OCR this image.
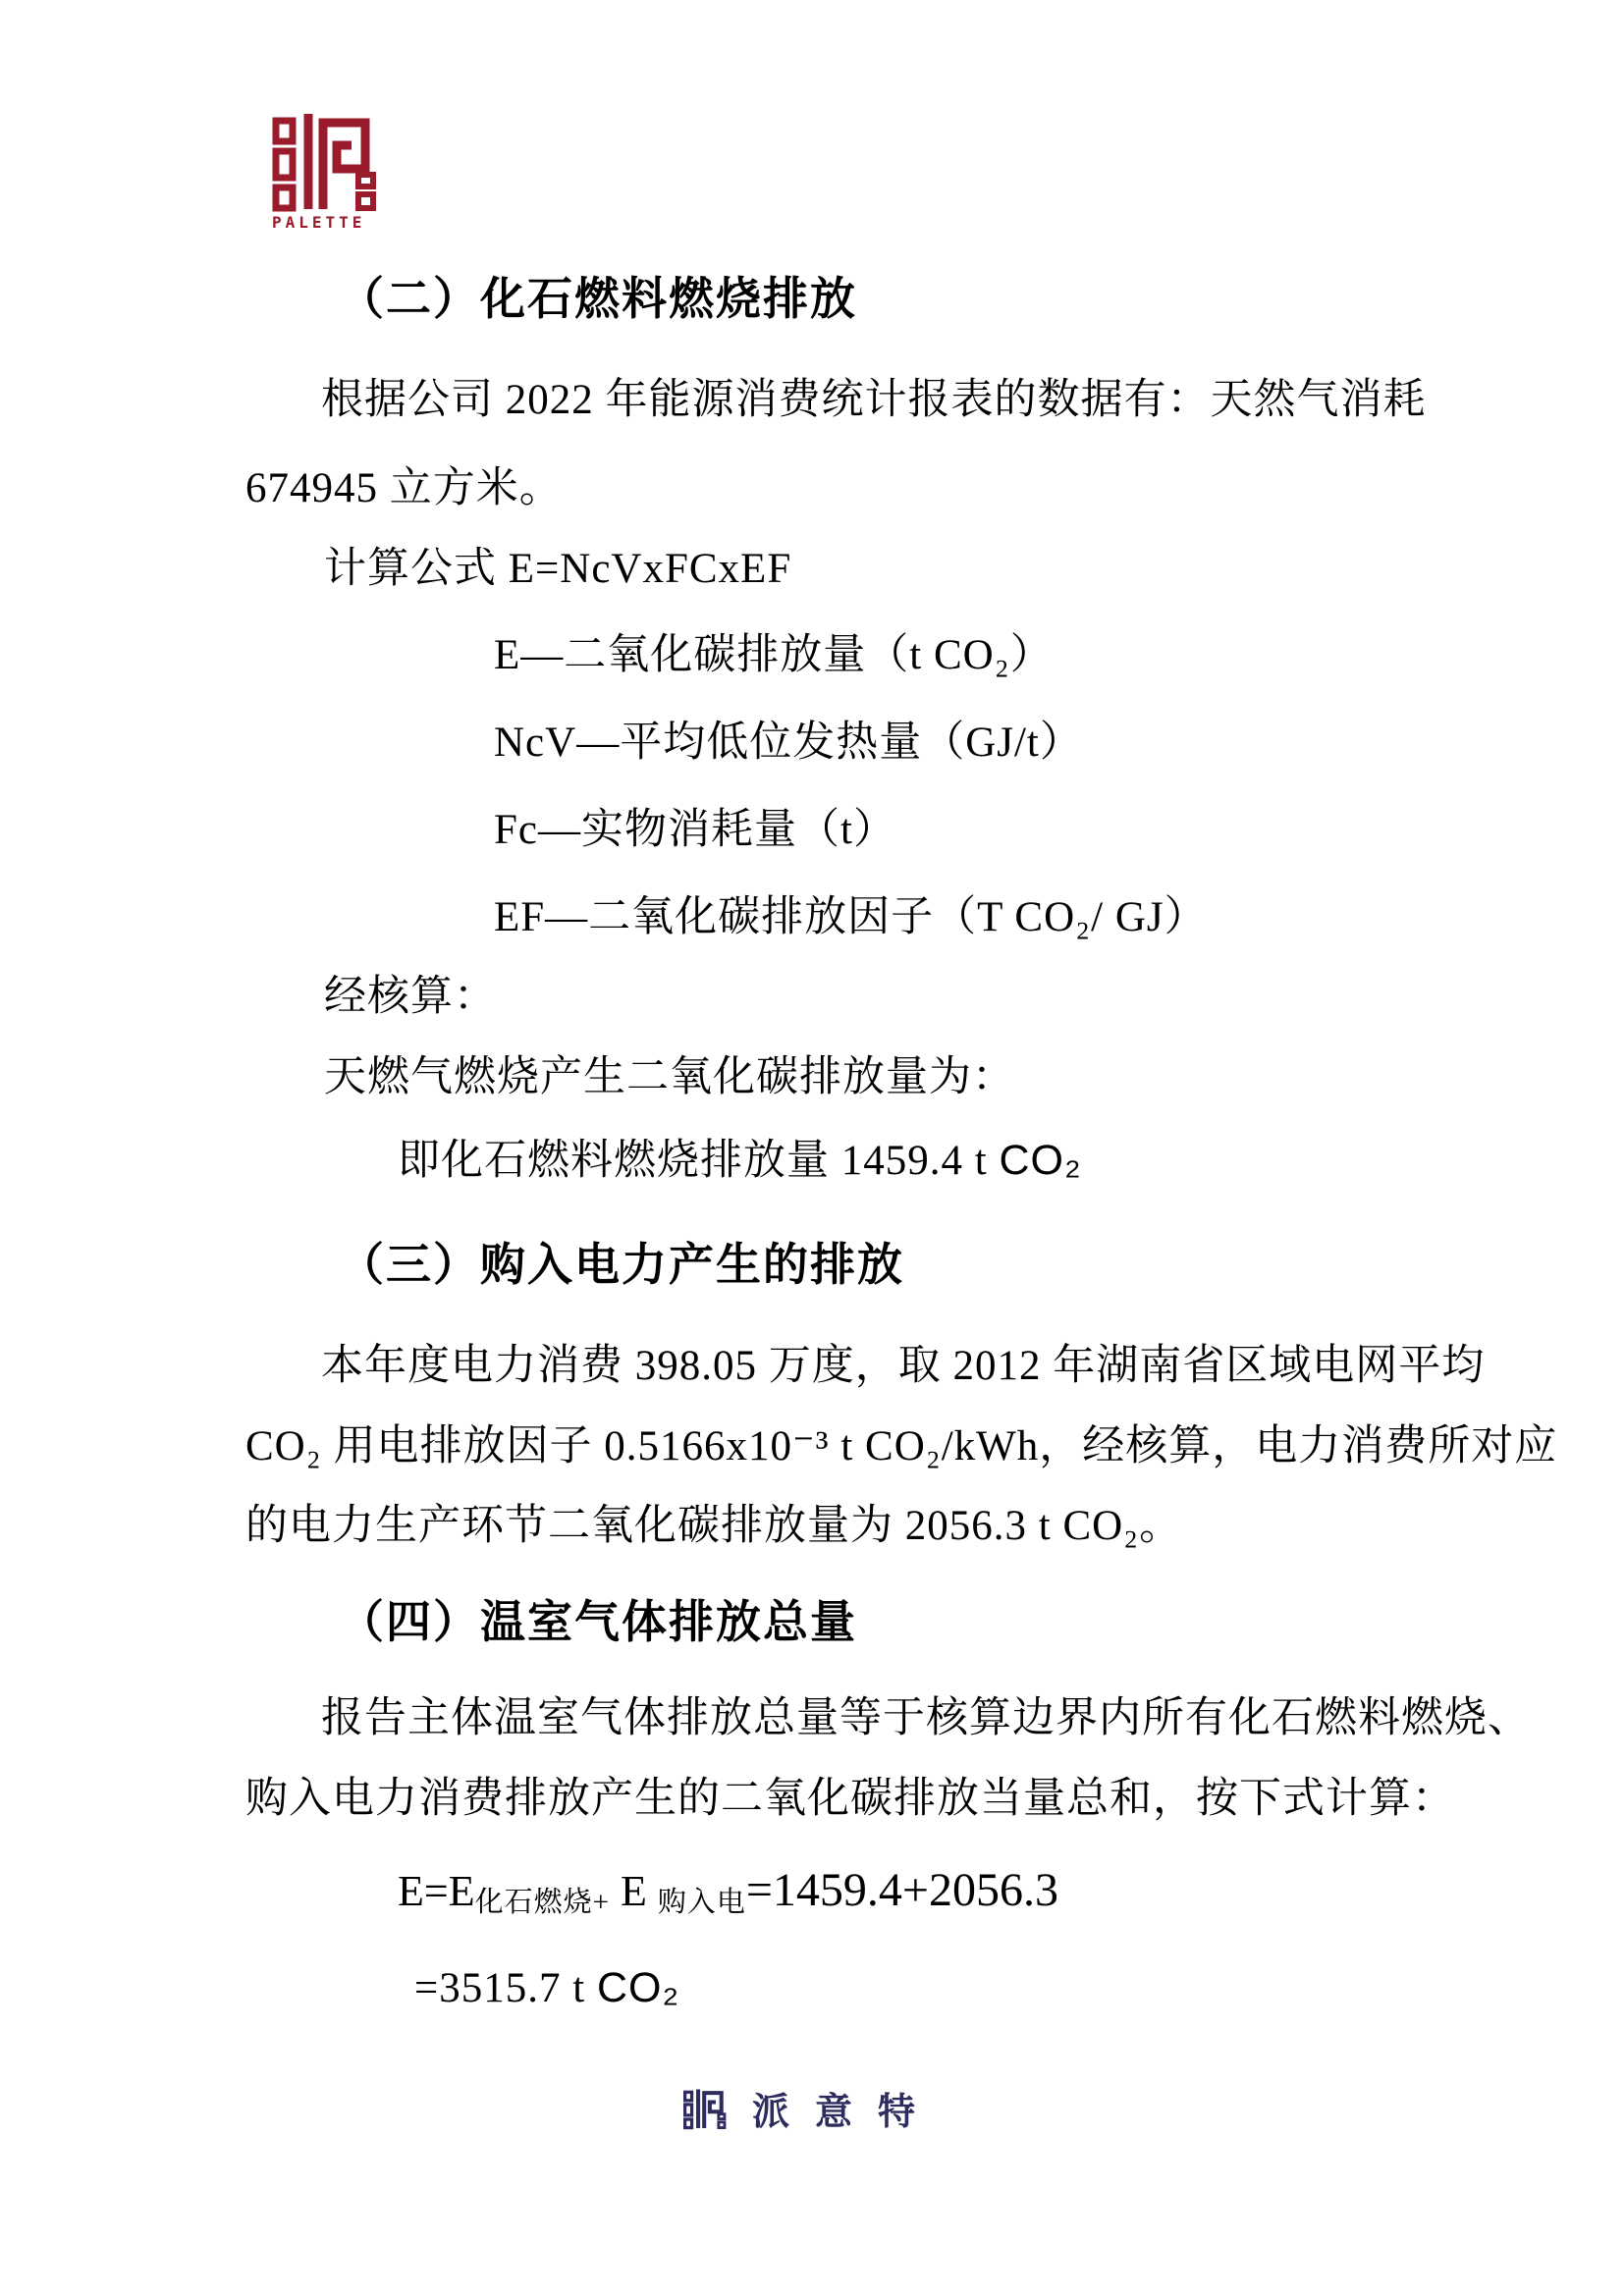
PALETTE
（二）化石燃料燃烧排放
根据公司 2022 年能源消费统计报表的数据有：天然气消耗
674945 立方米。
计算公式 E=NcVxFCxEF
E—二氧化碳排放量（t CO₂）
NcV—平均低位发热量（GJ/t）
Fc—实物消耗量（t）
EF—二氧化碳排放因子（T CO₂/ GJ）
经核算：
天燃气燃烧产生二氧化碳排放量为：
即化石燃料燃烧排放量 1459.4 t CO₂
（三）购入电力产生的排放
本年度电力消费 398.05 万度，取 2012 年湖南省区域电网平均
CO₂ 用电排放因子 0.5166x10⁻³ t CO₂/kWh，经核算，电力消费所对应
的电力生产环节二氧化碳排放量为 2056.3 t CO₂。
（四）温室气体排放总量
报告主体温室气体排放总量等于核算边界内所有化石燃料燃烧、
购入电力消费排放产生的二氧化碳排放当量总和，按下式计算：
E=E化石燃烧+ E 购入电=1459.4+2056.3
=3515.7 t CO₂
派意特
